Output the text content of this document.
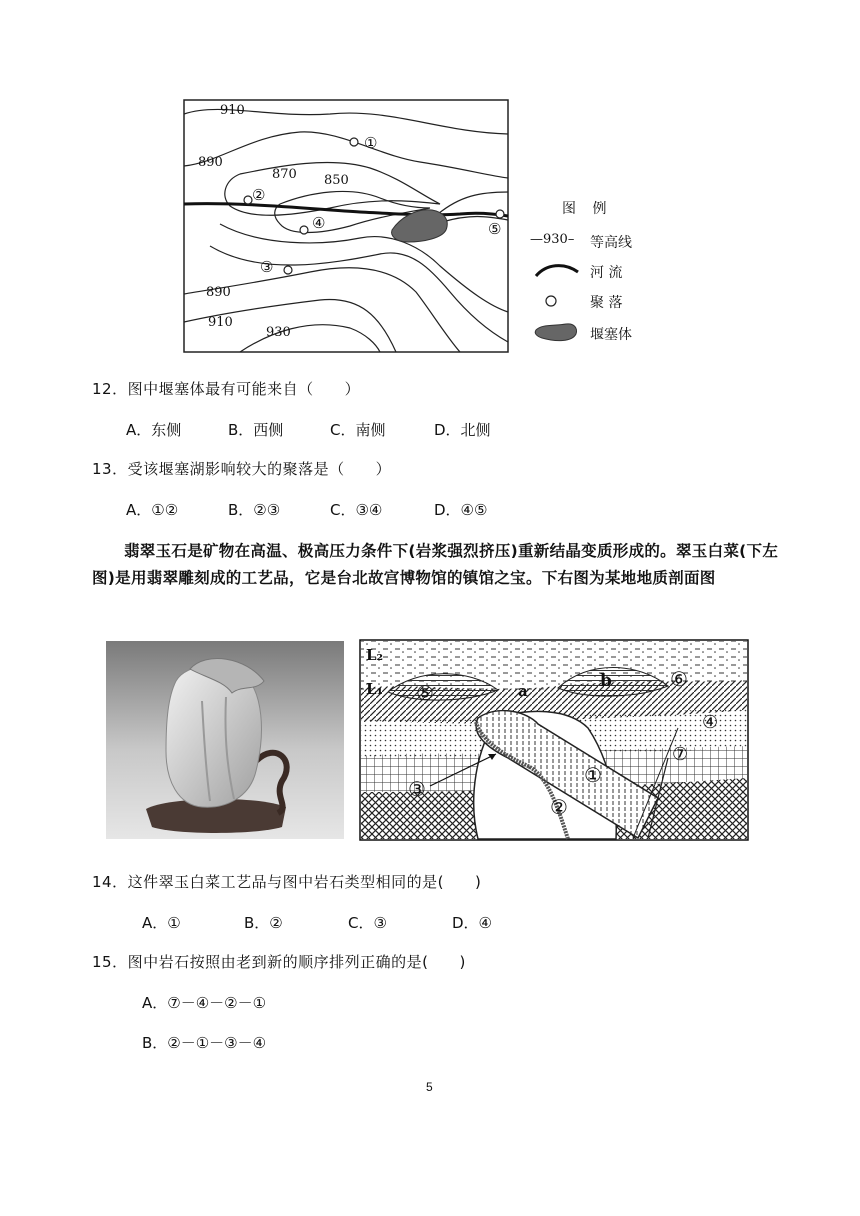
910
890
870 850
890
910
930
①
②
③
④	⑤
图 例
—930– 等高线
河 流
聚 落
堰塞体
12．图中堰塞体最有可能来自（　　）
A．东侧	B．西侧	C．南侧	D．北侧
13．受该堰塞湖影响较大的聚落是（　　）
A．①②	B．②③	C．③④	D．④⑤
翡翠玉石是矿物在高温、极高压力条件下(岩浆强烈挤压)重新结晶变质形成的。翠玉白菜(下左图)是用翡翠雕刻成的工艺品，它是台北故宫博物馆的镇馆之宝。下右图为某地地质剖面图
L₂
L₁ ⑤	a	b	⑥
④
⑦
①
②
③
14．这件翠玉白菜工艺品与图中岩石类型相同的是(　　)
A．①	B．②	C．③	D．④
15．图中岩石按照由老到新的顺序排列正确的是(　　)
A．⑦－④－②－①
B．②－①－③－④
5
